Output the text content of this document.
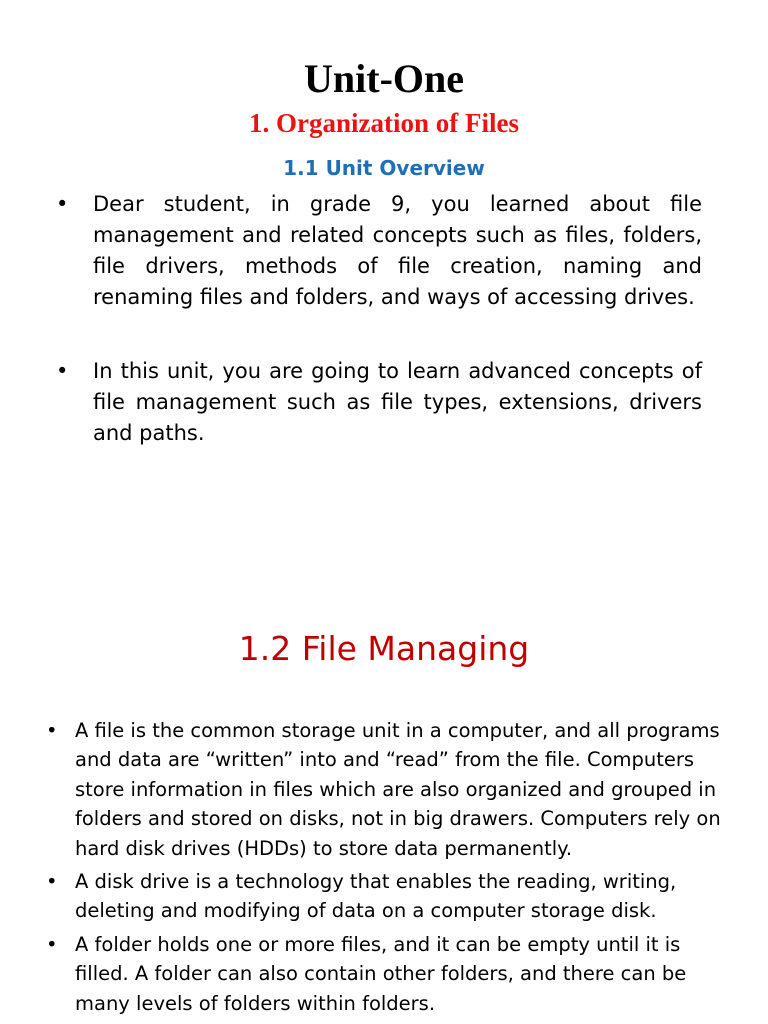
Unit-One
1. Organization of Files
1.1 Unit Overview
• Dear student, in grade 9, you learned about file management and related concepts such as files, folders, file drivers, methods of file creation, naming and renaming files and folders, and ways of accessing drives.
• In this unit, you are going to learn advanced concepts of file management such as file types, extensions, drivers and paths.
1.2 File Managing
• A file is the common storage unit in a computer, and all programs and data are “written” into and “read” from the file. Computers store information in files which are also organized and grouped in folders and stored on disks, not in big drawers. Computers rely on hard disk drives (HDDs) to store data permanently.
• A disk drive is a technology that enables the reading, writing, deleting and modifying of data on a computer storage disk.
• A folder holds one or more files, and it can be empty until it is filled. A folder can also contain other folders, and there can be many levels of folders within folders.
